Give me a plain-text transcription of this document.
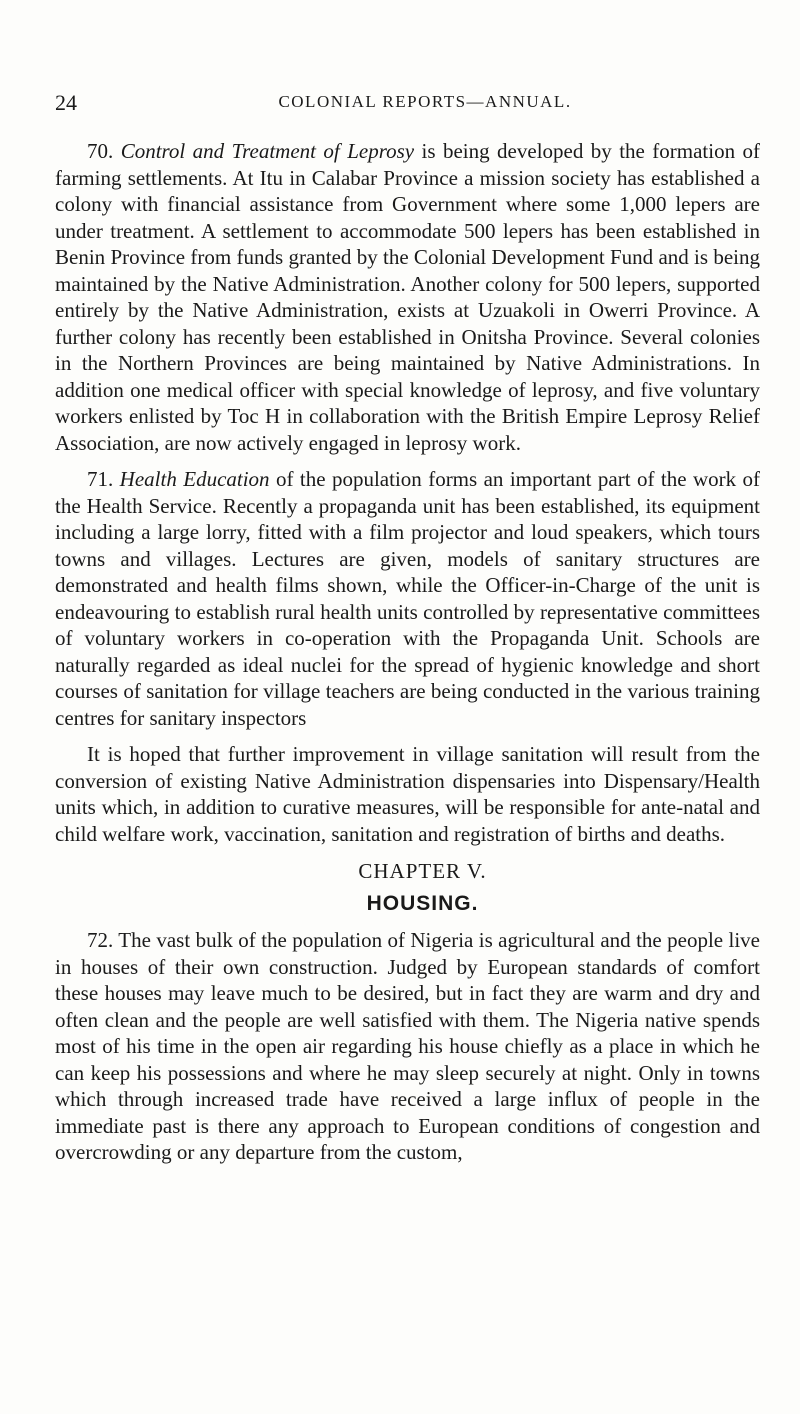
24	COLONIAL REPORTS—ANNUAL.

70. Control and Treatment of Leprosy is being developed by the formation of farming settlements. At Itu in Calabar Province a mission society has established a colony with financial assistance from Government where some 1,000 lepers are under treatment. A settlement to accommodate 500 lepers has been established in Benin Province from funds granted by the Colonial Development Fund and is being maintained by the Native Administration. Another colony for 500 lepers, supported entirely by the Native Administration, exists at Uzuakoli in Owerri Province. A further colony has recently been established in Onitsha Province. Several colonies in the Northern Provinces are being maintained by Native Administrations. In addition one medical officer with special knowledge of leprosy, and five voluntary workers enlisted by Toc H in collaboration with the British Empire Leprosy Relief Association, are now actively engaged in leprosy work.

71. Health Education of the population forms an important part of the work of the Health Service. Recently a propaganda unit has been established, its equipment including a large lorry, fitted with a film projector and loud speakers, which tours towns and villages. Lectures are given, models of sanitary structures are demonstrated and health films shown, while the Officer-in-Charge of the unit is endeavouring to establish rural health units controlled by representative committees of voluntary workers in co-operation with the Propaganda Unit. Schools are naturally regarded as ideal nuclei for the spread of hygienic knowledge and short courses of sanitation for village teachers are being conducted in the various training centres for sanitary inspectors

It is hoped that further improvement in village sanitation will result from the conversion of existing Native Administration dispensaries into Dispensary/Health units which, in addition to curative measures, will be responsible for ante-natal and child welfare work, vaccination, sanitation and registration of births and deaths.

CHAPTER V.
HOUSING.

72. The vast bulk of the population of Nigeria is agricultural and the people live in houses of their own construction. Judged by European standards of comfort these houses may leave much to be desired, but in fact they are warm and dry and often clean and the people are well satisfied with them. The Nigeria native spends most of his time in the open air regarding his house chiefly as a place in which he can keep his possessions and where he may sleep securely at night. Only in towns which through increased trade have received a large influx of people in the immediate past is there any approach to European conditions of congestion and overcrowding or any departure from the custom,
